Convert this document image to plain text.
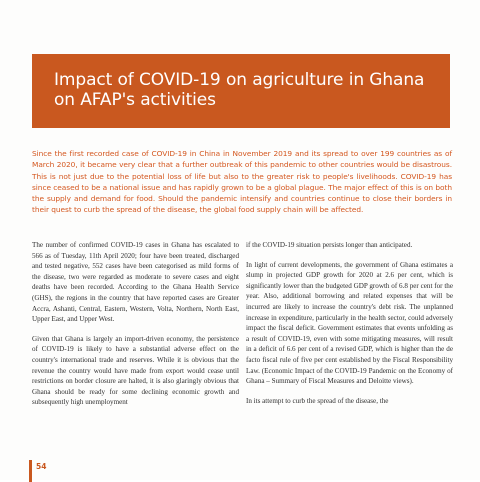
Impact of COVID-19 on agriculture in Ghana
on AFAP's activities

Since the first recorded case of COVID-19 in China in November 2019 and its spread to over 199 countries as of March 2020, it became very clear that a further outbreak of this pandemic to other countries would be disastrous. This is not just due to the potential loss of life but also to the greater risk to people's livelihoods. COVID-19 has since ceased to be a national issue and has rapidly grown to be a global plague. The major effect of this is on both the supply and demand for food. Should the pandemic intensify and countries continue to close their borders in their quest to curb the spread of the disease, the global food supply chain will be affected.

The number of confirmed COVID-19 cases in Ghana has escalated to 566 as of Tuesday, 11th April 2020; four have been treated, discharged and tested negative, 552 cases have been categorised as mild forms of the disease, two were regarded as moderate to severe cases and eight deaths have been recorded. According to the Ghana Health Service (GHS), the regions in the country that have reported cases are Greater Accra, Ashanti, Central, Eastern, Western, Volta, Northern, North East, Upper East, and Upper West.

Given that Ghana is largely an import-driven economy, the persistence of COVID-19 is likely to have a substantial adverse effect on the country's international trade and reserves. While it is obvious that the revenue the country would have made from export would cease until restrictions on border closure are halted, it is also glaringly obvious that Ghana should be ready for some declining economic growth and subsequently high unemployment

if the COVID-19 situation persists longer than anticipated.

In light of current developments, the government of Ghana estimates a slump in projected GDP growth for 2020 at 2.6 per cent, which is significantly lower than the budgeted GDP growth of 6.8 per cent for the year. Also, additional borrowing and related expenses that will be incurred are likely to increase the country's debt risk. The unplanned increase in expenditure, particularly in the health sector, could adversely impact the fiscal deficit. Government estimates that events unfolding as a result of COVID-19, even with some mitigating measures, will result in a deficit of 6.6 per cent of a revised GDP, which is higher than the de facto fiscal rule of five per cent established by the Fiscal Responsibility Law. (Economic Impact of the COVID-19 Pandemic on the Economy of Ghana – Summary of Fiscal Measures and Deloitte views).

In its attempt to curb the spread of the disease, the

54
